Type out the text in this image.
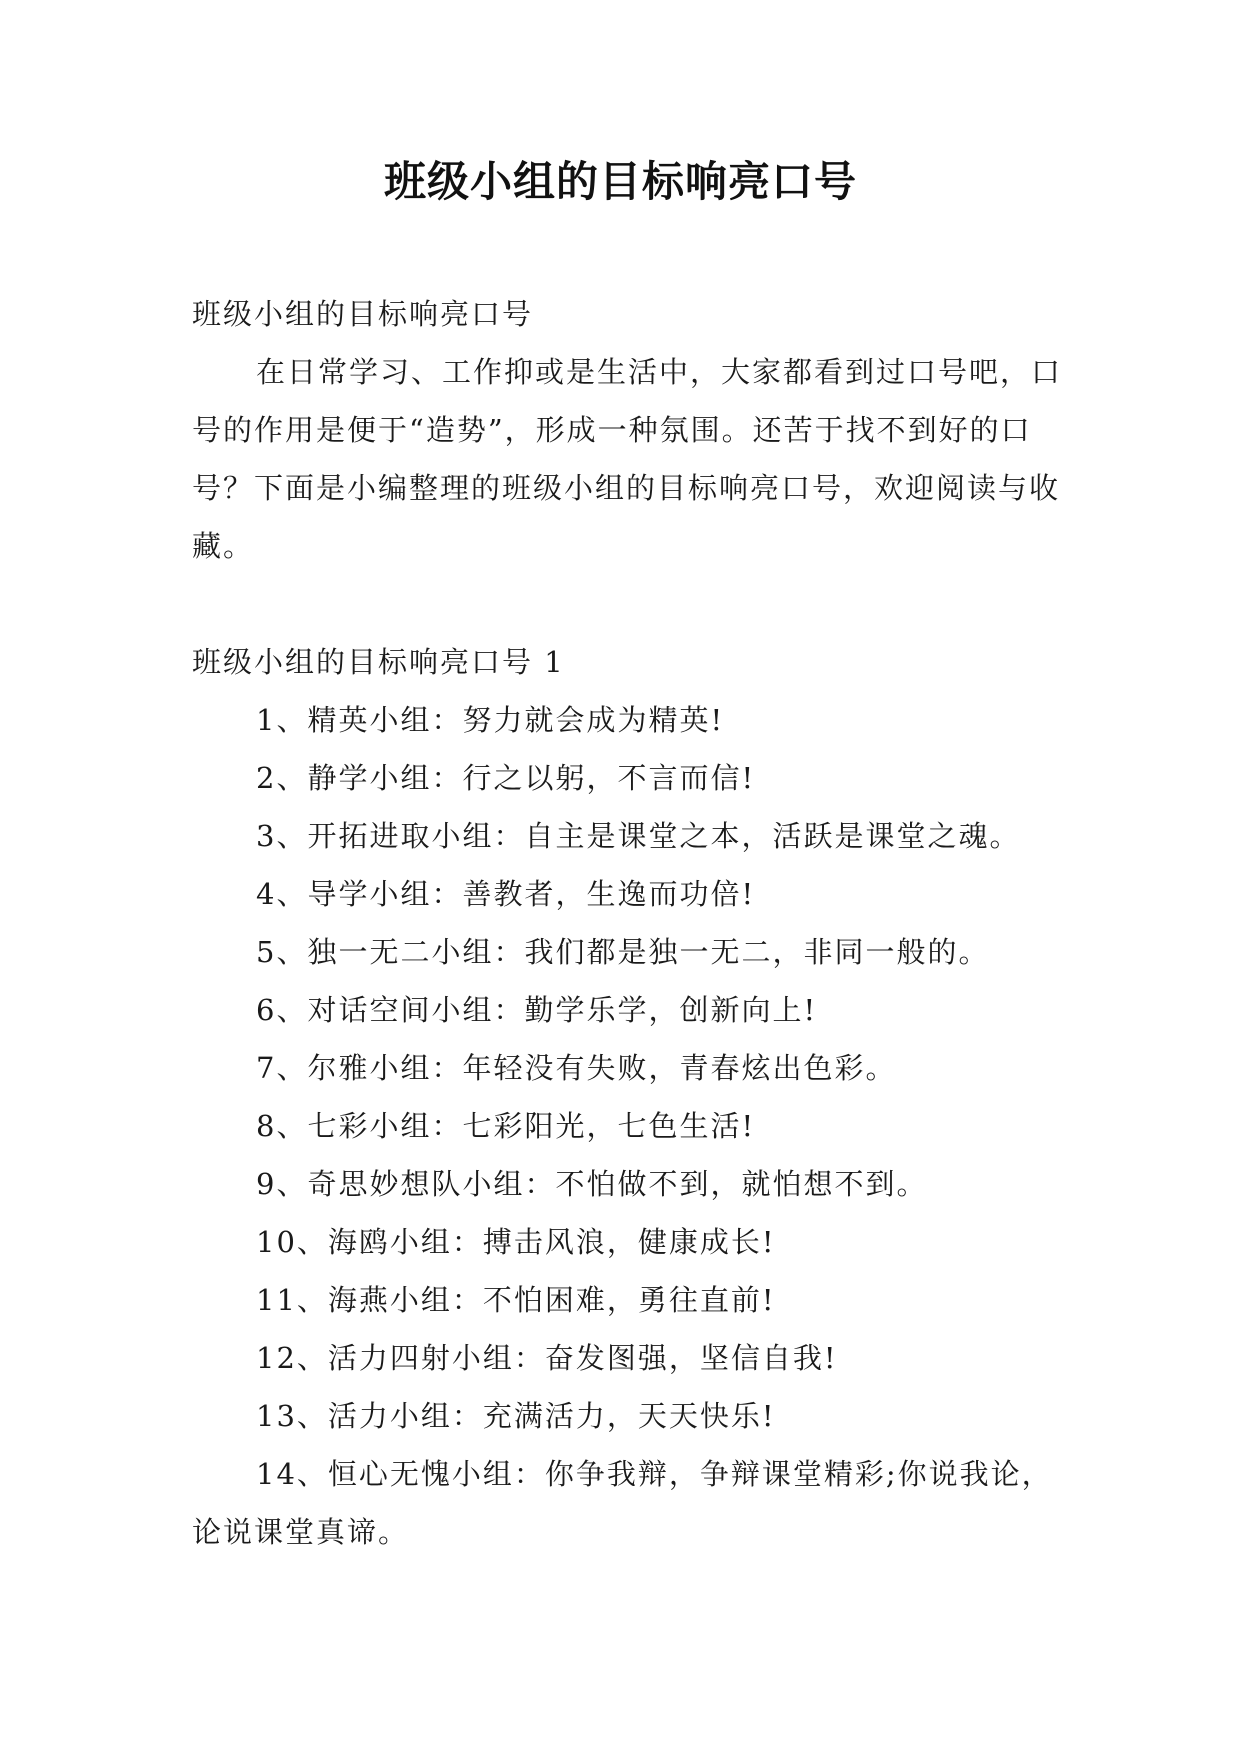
班级小组的目标响亮口号

班级小组的目标响亮口号

在日常学习、工作抑或是生活中，大家都看到过口号吧，口号的作用是便于“造势”，形成一种氛围。还苦于找不到好的口号？下面是小编整理的班级小组的目标响亮口号，欢迎阅读与收藏。

班级小组的目标响亮口号 1

1、精英小组：努力就会成为精英!
2、静学小组：行之以躬，不言而信!
3、开拓进取小组：自主是课堂之本，活跃是课堂之魂。
4、导学小组：善教者，生逸而功倍!
5、独一无二小组：我们都是独一无二，非同一般的。
6、对话空间小组：勤学乐学，创新向上!
7、尔雅小组：年轻没有失败，青春炫出色彩。
8、七彩小组：七彩阳光，七色生活!
9、奇思妙想队小组：不怕做不到，就怕想不到。
10、海鸥小组：搏击风浪，健康成长!
11、海燕小组：不怕困难，勇往直前!
12、活力四射小组：奋发图强，坚信自我!
13、活力小组：充满活力，天天快乐!
14、恒心无愧小组：你争我辩，争辩课堂精彩;你说我论，论说课堂真谛。
